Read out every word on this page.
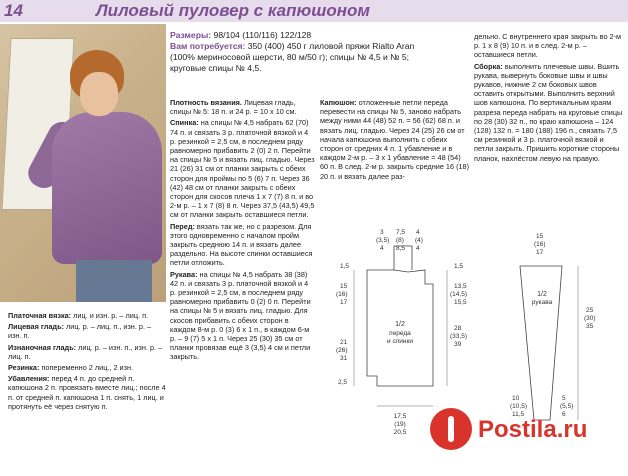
14	Лиловый пуловер с капюшоном
Размеры: 98/104 (110/116) 122/128
Вам потребуется: 350 (400) 450 г лиловой пряжи Rialto Aran (100% мериносовой шерсти, 80 м/50 г); спицы № 4,5 и № 5; круговые спицы № 4,5.
Платочная вязка: лиц. и изн. р. – лиц. п.
Лицевая гладь: лиц. р. – лиц. п., изн. р. – изн. п.
Изнаночная гладь: лиц. р. – изн. п., изн. р. – лиц. п.
Резинка: попеременно 2 лиц., 2 изн.
Убавления: перед 4 п. до средней п. капюшона 2 п. провязать вместе лиц.; после 4 п. от средней п. капюшона 1 п. снять, 1 лиц. и протянуть её через снятую п.
Плотность вязания. Лицевая гладь, спицы № 5: 18 п. и 24 р. = 10 х 10 см.
Спинка: на спицы № 4,5 набрать 62 (70) 74 п. и связать 3 р. платочной вязкой и 4 р. резинкой = 2,5 см, в последнем ряду равномерно прибавить 2 (0) 2 п. Перейти на спицы № 5 и вязать лиц. гладью. Через 21 (26) 31 см от планки закрыть с обеих сторон для проймы по 5 (6) 7 п. Через 36 (42) 48 см от планки закрыть с обеих сторон для скосов плеча 1 х 7 (7) 8 п. и во 2-м р. – 1 х 7 (8) 8 п. Через 37,5 (43,5) 49,5 см от планки закрыть оставшиеся петли.
Перед: вязать так же, но с разрезом. Для этого одновременно с началом пройм закрыть среднюю 14 п. и вязать далее раздельно. На высоте спинки оставшиеся петли отложить.
Рукава: на спицы № 4,5 набрать 38 (38) 42 п. и связать 3 р. платочной вязкой и 4 р. резинкой = 2,5 см, в последнем ряду равномерно прибавить 0 (2) 0 п. Перейти на спицы № 5 и вязать лиц. гладью. Для скосов прибавить с обеих сторон в каждом 8-м р. 0 (3) 6 х 1 п., в каждом 6-м р. – 9 (7) 5 х 1 п. Через 25 (30) 35 см от планки провязав ещё 3 (3,5) 4 см и петли закрыть.
Капюшон: отложенные петли переда перевести на спицы № 5, заново набрать между ними 44 (48) 52 п. = 56 (62) 68 п. и вязать лиц. гладью. Через 24 (25) 26 см от начала капюшона выполнить с обеих сторон от средних 4 п. 1 убавление и в каждом 2-м р. – 3 х 1 убавление = 48 (54) 60 п. В след. 2-м р. закрыть средние 16 (18) 20 п. и вязать далее раз-
дельно. С внутреннего края закрыть во 2-м р. 1 х 8 (9) 10 п. и в след. 2-м р. – оставшиеся петли.
Сборка: выполнить плечевые швы. Вшить рукава, вывернуть боковые швы и швы рукавов, нижние 2 см боковых швов оставить открытыми. Выполнить верхний шов капюшона. По вертикальным краям разреза переда набрать на круговые спицы по 28 (30) 32 п., по краю капюшона – 124 (128) 132 п. = 180 (188) 196 п., связать 7,5 см резинкой и 3 р. платочной вязкой и петли закрыть. Пришить короткие стороны планок, нахлёстом левую на правую.
1/2
переда
и спинки
1/2
рукава
3
(3,5)
4
7,5
(8)
8,5
4
(4)
4
1,5
15
(16)
17
21
(26)
31
2,5
1,5
13,5
(14,5)
15,5
28
(33,5)
39
17,5
(19)
20,5
15
(16)
17
25
(30)
35
10
(10,5)
11,5
5
(5,5)
6
Postila.ru
